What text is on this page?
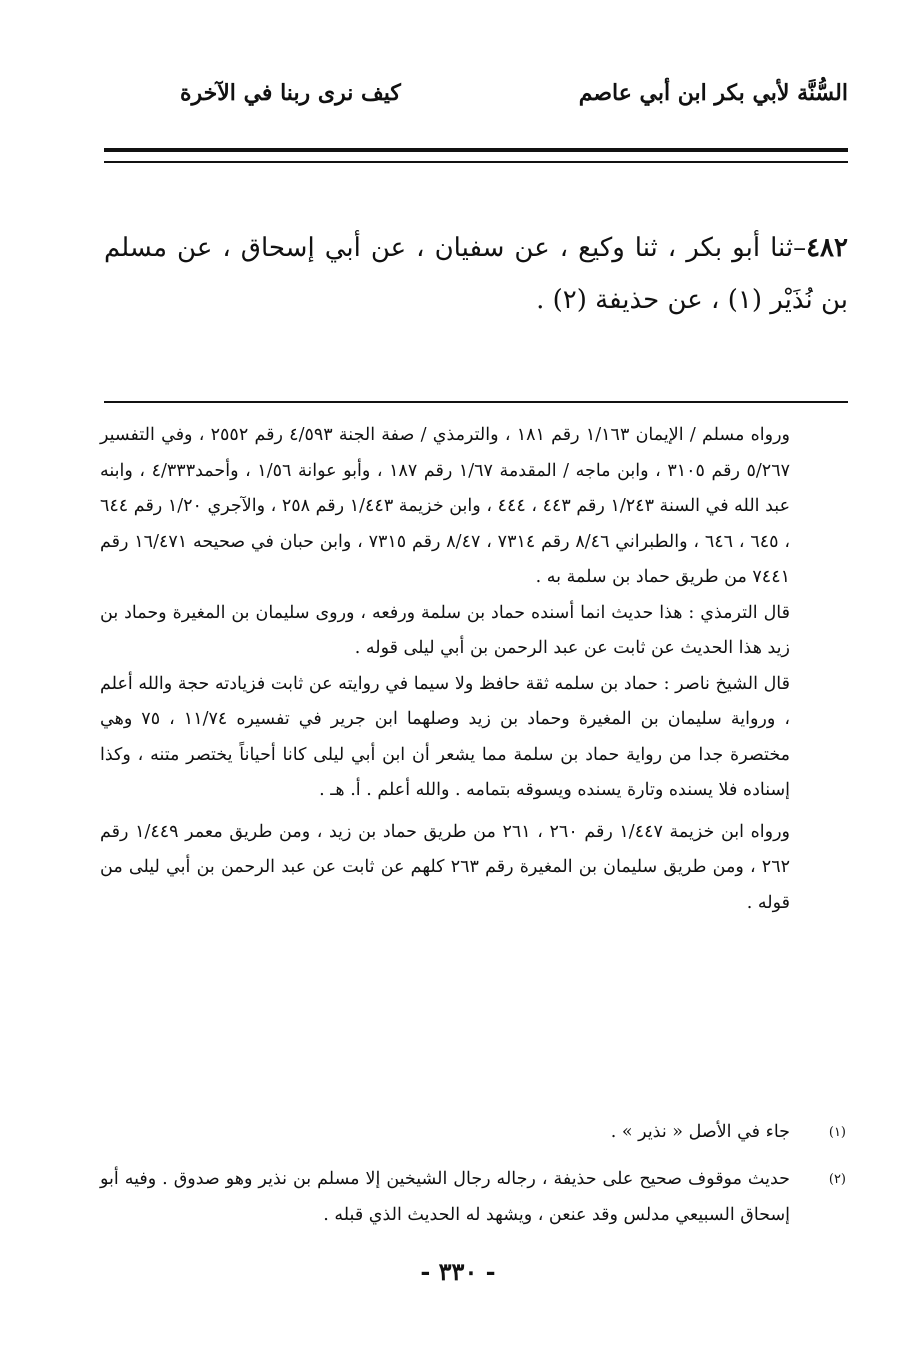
السُّنَّة لأبي بكر ابن أبي عاصم
كيف نرى ربنا في الآخرة
٤٨٢–ثنا أبو بكر ، ثنا وكيع ، عن سفيان ، عن أبي إسحاق ، عن مسلم بن نُذَيْر (١) ، عن حذيفة (٢) .

ورواه مسلم / الإيمان ١/١٦٣ رقم ١٨١ ، والترمذي / صفة الجنة ٤/٥٩٣ رقم ٢٥٥٢ ، وفي التفسير ٥/٢٦٧ رقم ٣١٠٥ ، وابن ماجه / المقدمة ١/٦٧ رقم ١٨٧ ، وأبو عوانة ١/٥٦ ، وأحمد٤/٣٣٣ ، وابنه عبد الله في السنة ١/٢٤٣ رقم ٤٤٣ ، ٤٤٤ ، وابن خزيمة ١/٤٤٣ رقم ٢٥٨ ، والآجري ١/٢٠ رقم ٦٤٤ ، ٦٤٥ ، ٦٤٦ ، والطبراني ٨/٤٦ رقم ٧٣١٤ ، ٨/٤٧ رقم ٧٣١٥ ، وابن حبان في صحيحه ١٦/٤٧١ رقم ٧٤٤١ من طريق حماد بن سلمة به .

قال الترمذي : هذا حديث انما أسنده حماد بن سلمة ورفعه ، وروى سليمان بن المغيرة وحماد بن زيد هذا الحديث عن ثابت عن عبد الرحمن بن أبي ليلى قوله .

قال الشيخ ناصر : حماد بن سلمه ثقة حافظ ولا سيما في روايته عن ثابت فزيادته حجة والله أعلم ، ورواية سليمان بن المغيرة وحماد بن زيد وصلهما ابن جرير في تفسيره ١١/٧٤ ، ٧٥ وهي مختصرة جدا من رواية حماد بن سلمة مما يشعر أن ابن أبي ليلى كانا أحياناً يختصر متنه ، وكذا إسناده فلا يسنده وتارة يسنده ويسوقه بتمامه . والله أعلم . أ. هـ .

ورواه ابن خزيمة ١/٤٤٧ رقم ٢٦٠ ، ٢٦١ من طريق حماد بن زيد ، ومن طريق معمر ١/٤٤٩ رقم ٢٦٢ ، ومن طريق سليمان بن المغيرة رقم ٢٦٣ كلهم عن ثابت عن عبد الرحمن بن أبي ليلى من قوله .

(١)
جاء في الأصل « نذير » .
(٢)
حديث موقوف صحيح على حذيفة ، رجاله رجال الشيخين إلا مسلم بن نذير وهو صدوق . وفيه أبو إسحاق السبيعي مدلس وقد عنعن ، ويشهد له الحديث الذي قبله .
- ٣٣٠ -
